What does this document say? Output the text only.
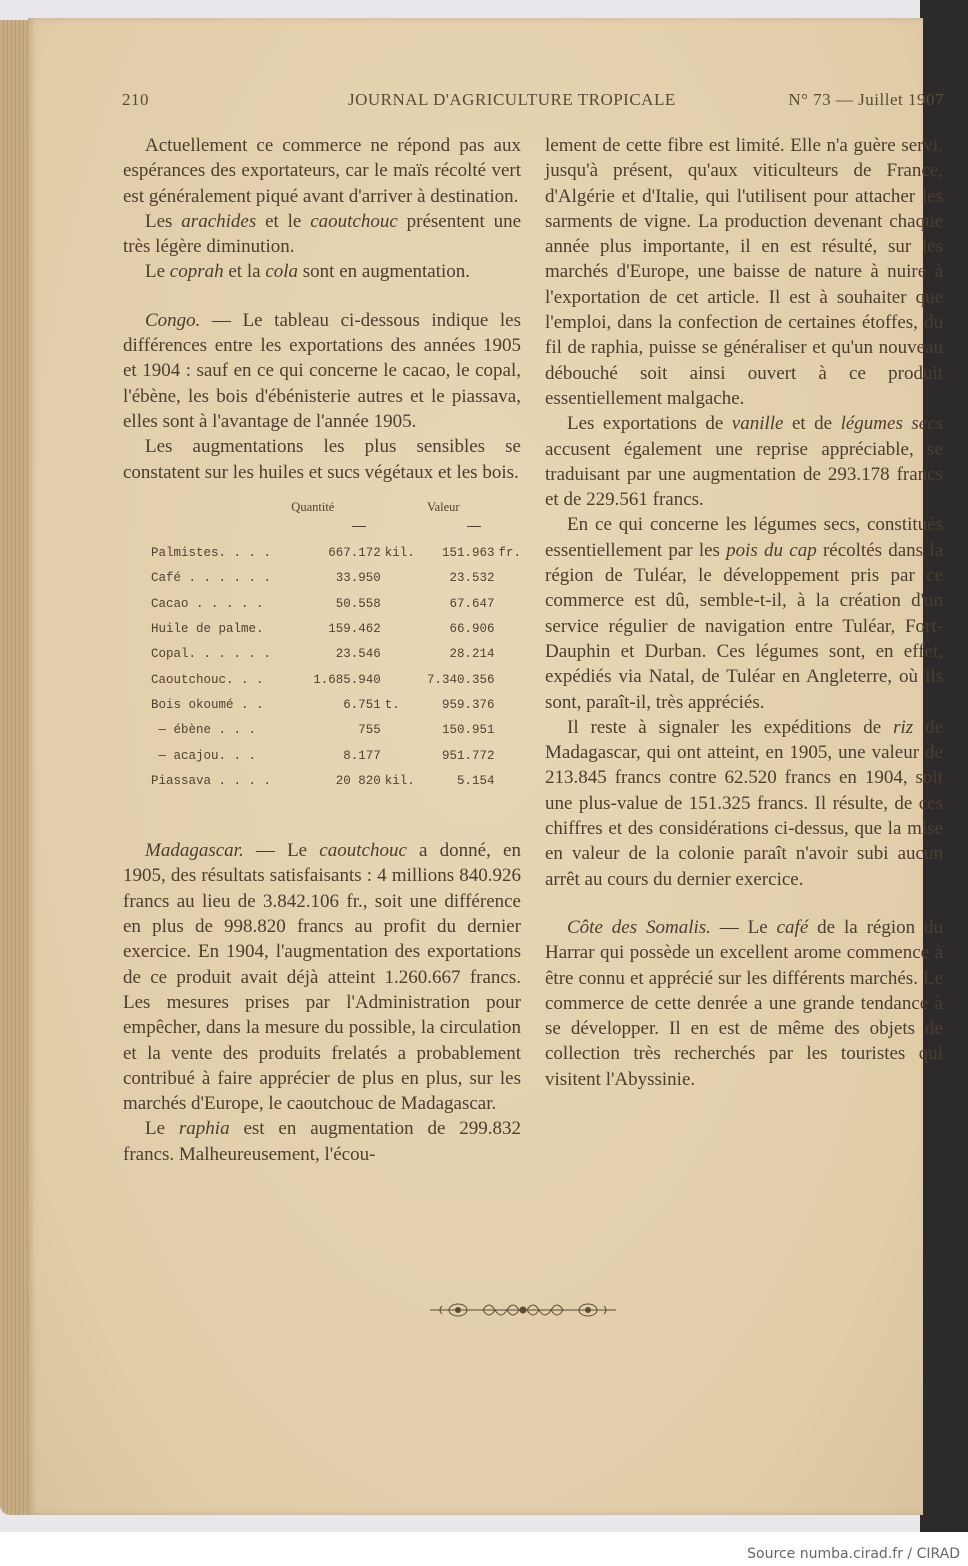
210	JOURNAL D'AGRICULTURE TROPICALE	N° 73 — Juillet 1907

Actuellement ce commerce ne répond pas aux espérances des exportateurs, car le maïs récolté vert est généralement piqué avant d'arriver à destination.

Les arachides et le caoutchouc présentent une très légère diminution.

Le coprah et la cola sont en augmentation.

Congo. — Le tableau ci-dessous indique les différences entre les exportations des années 1905 et 1904 : sauf en ce qui concerne le cacao, le copal, l'ébène, les bois d'ébénisterie autres et le piassava, elles sont à l'avantage de l'année 1905.

Les augmentations les plus sensibles se constatent sur les huiles et sucs végétaux et les bois.

	Quantité		Valeur	

Palmistes. . . .	667.172	kil.	151.963	fr.
Café . . . . . .	33.950		23.532	
Cacao . . . . .	50.558		67.647	
Huile de palme.	159.462		66.906	
Copal. . . . . .	23.546		28.214	
Caoutchouc. . .	1.685.940		7.340.356	
Bois okoumé . .	6.751	t.	959.376	
— ébène . . .	755		150.951	
— acajou. . .	8.177		951.772	
Piassava . . . .	20 820	kil.	5.154	

Madagascar. — Le caoutchouc a donné, en 1905, des résultats satisfaisants : 4 millions 840.926 francs au lieu de 3.842.106 fr., soit une différence en plus de 998.820 francs au profit du dernier exercice. En 1904, l'augmentation des exportations de ce produit avait déjà atteint 1.260.667 francs. Les mesures prises par l'Administration pour empêcher, dans la mesure du possible, la circulation et la vente des produits frelatés a probablement contribué à faire apprécier de plus en plus, sur les marchés d'Europe, le caoutchouc de Madagascar.

Le raphia est en augmentation de 299.832 francs. Malheureusement, l'écou-

lement de cette fibre est limité. Elle n'a guère servi, jusqu'à présent, qu'aux viticulteurs de France, d'Algérie et d'Italie, qui l'utilisent pour attacher les sarments de vigne. La production devenant chaque année plus importante, il en est résulté, sur les marchés d'Europe, une baisse de nature à nuire à l'exportation de cet article. Il est à souhaiter que l'emploi, dans la confection de certaines étoffes, du fil de raphia, puisse se généraliser et qu'un nouveau débouché soit ainsi ouvert à ce produit essentiellement malgache.

Les exportations de vanille et de légumes secs accusent également une reprise appréciable, se traduisant par une augmentation de 293.178 francs et de 229.561 francs.

En ce qui concerne les légumes secs, constitués essentiellement par les pois du cap récoltés dans la région de Tuléar, le développement pris par ce commerce est dû, semble-t-il, à la création d'un service régulier de navigation entre Tuléar, Fort-Dauphin et Durban. Ces légumes sont, en effet, expédiés via Natal, de Tuléar en Angleterre, où ils sont, paraît-il, très appréciés.

Il reste à signaler les expéditions de riz de Madagascar, qui ont atteint, en 1905, une valeur de 213.845 francs contre 62.520 francs en 1904, soit une plus-value de 151.325 francs. Il résulte, de ces chiffres et des considérations ci-dessus, que la mise en valeur de la colonie paraît n'avoir subi aucun arrêt au cours du dernier exercice.

Côte des Somalis. — Le café de la région du Harrar qui possède un excellent arome commence à être connu et apprécié sur les différents marchés. Le commerce de cette denrée a une grande tendance à se développer. Il en est de même des objets de collection très recherchés par les touristes qui visitent l'Abyssinie.

Source numba.cirad.fr / CIRAD
